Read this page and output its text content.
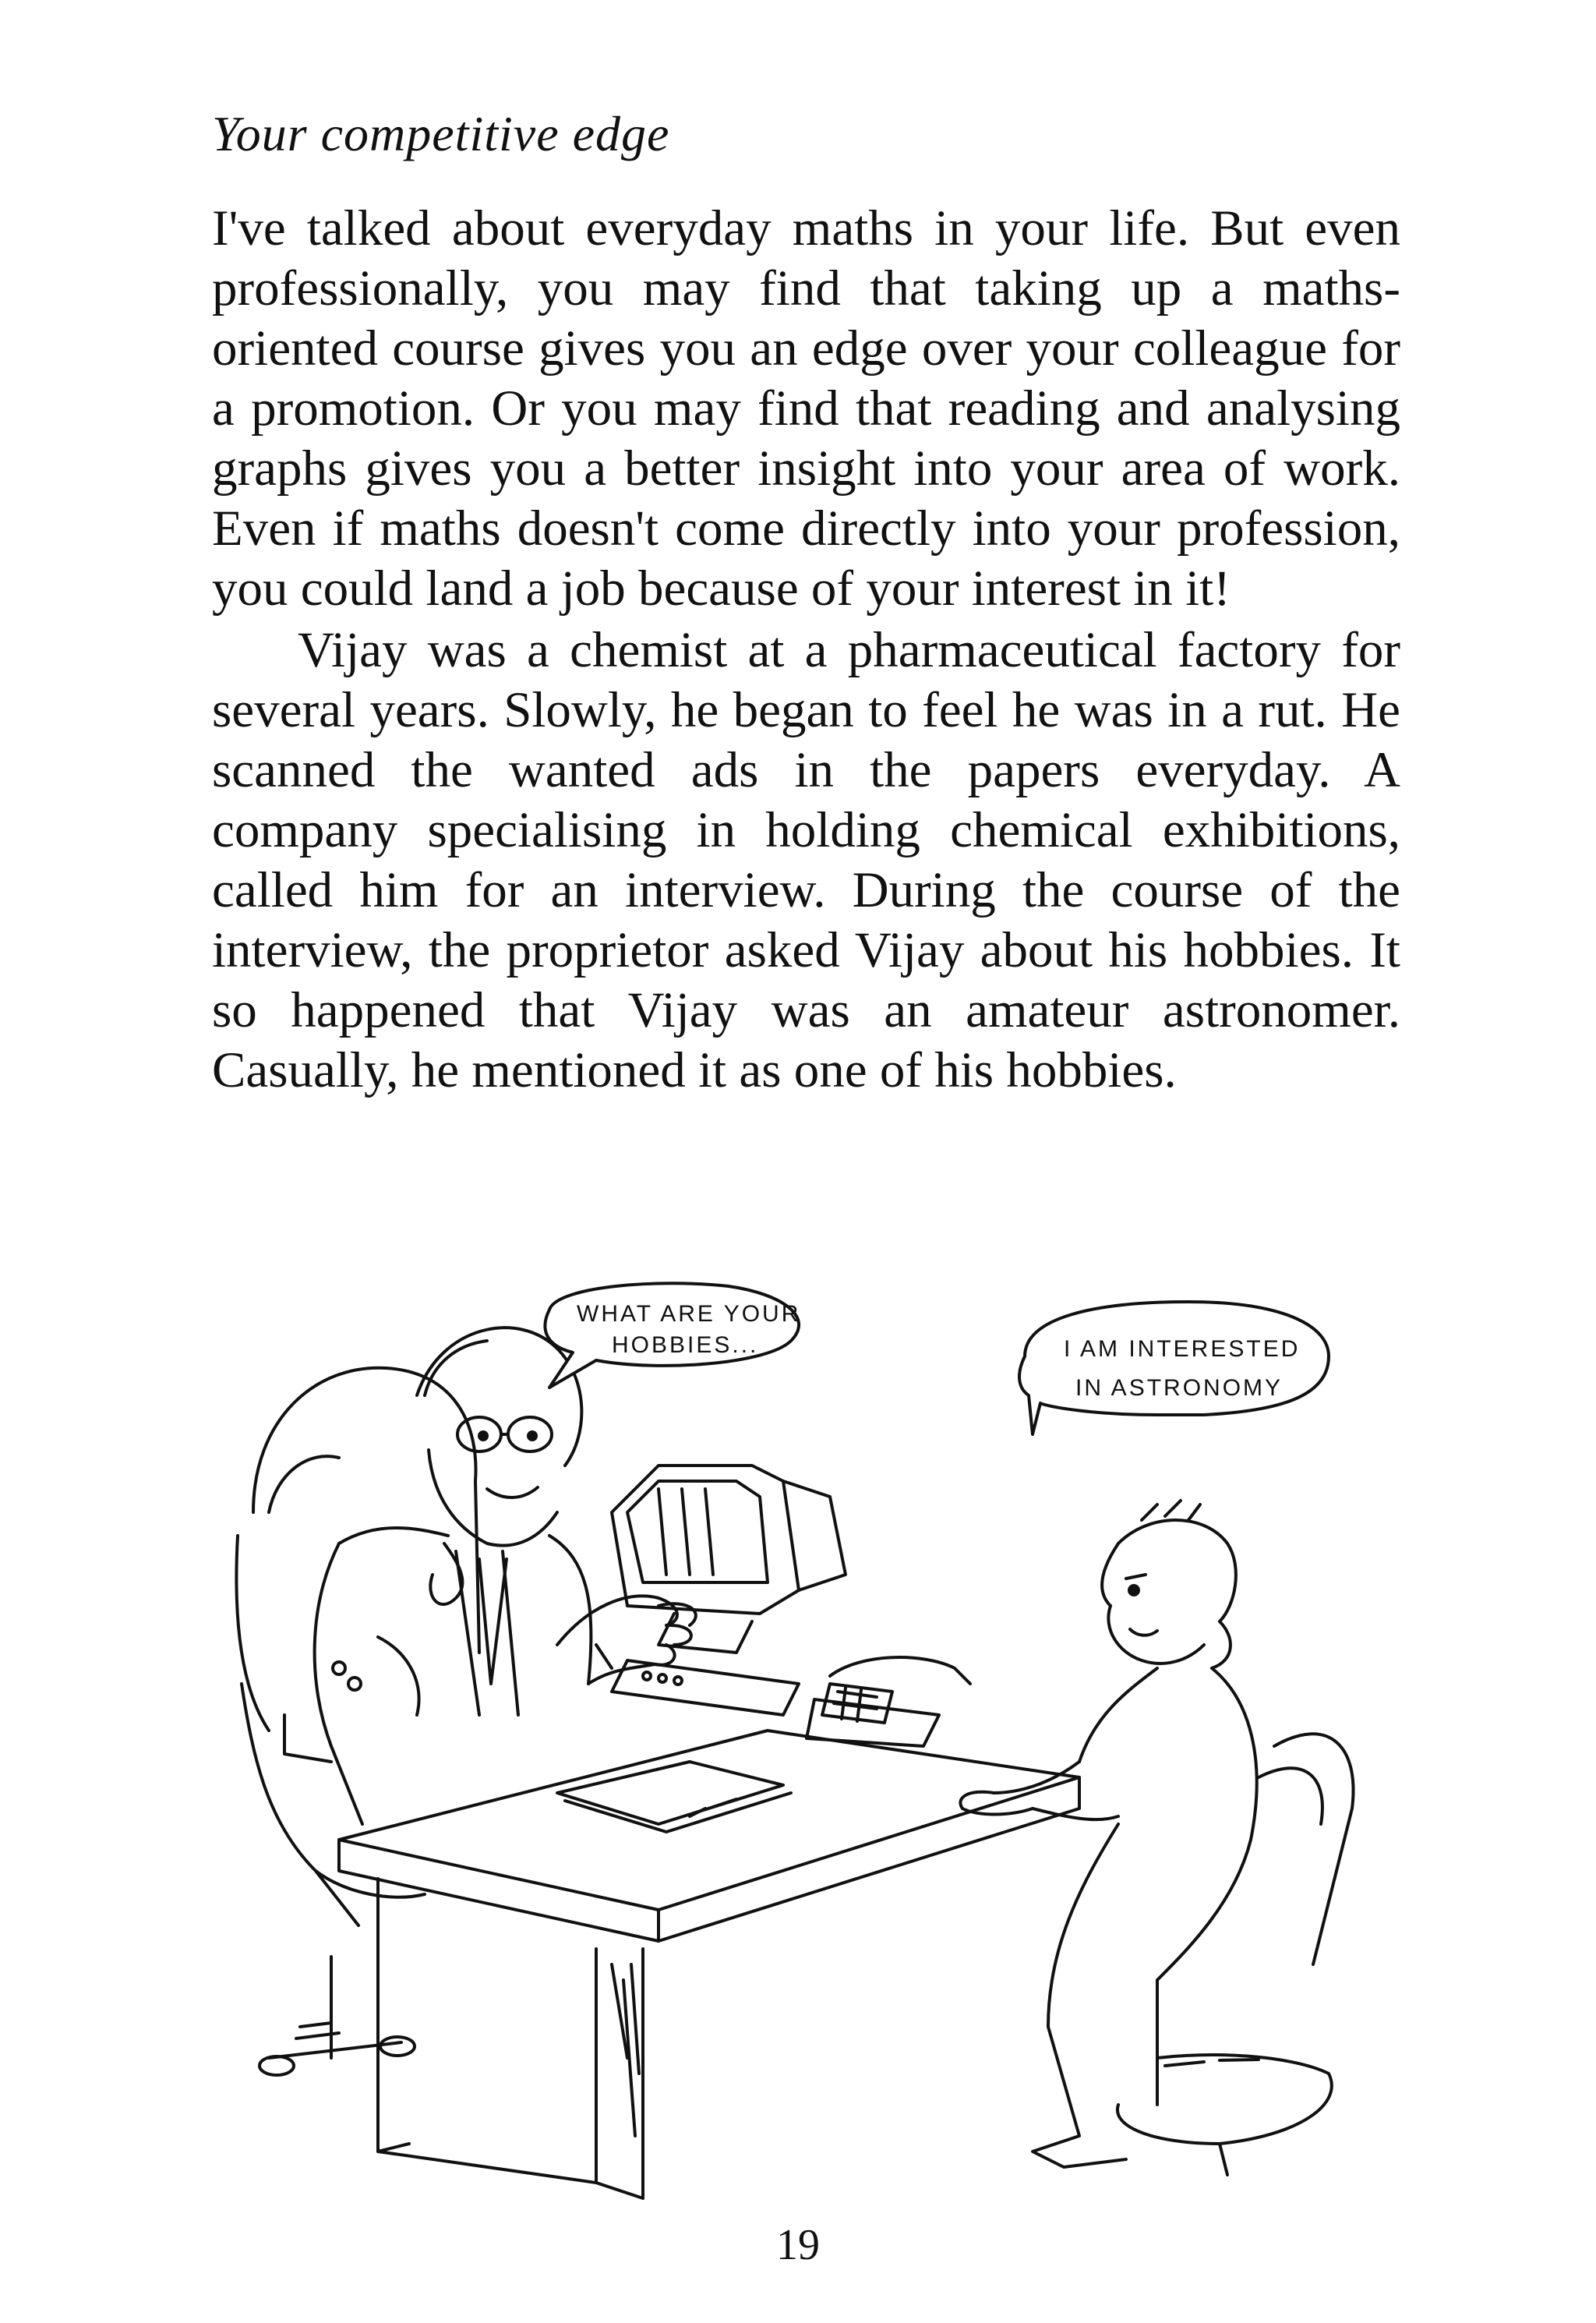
Your competitive edge

I've talked about everyday maths in your life. But even professionally, you may find that taking up a maths-oriented course gives you an edge over your colleague for a promotion. Or you may find that reading and analysing graphs gives you a better insight into your area of work. Even if maths doesn't come directly into your profession, you could land a job because of your interest in it!

Vijay was a chemist at a pharmaceutical factory for several years. Slowly, he began to feel he was in a rut. He scanned the wanted ads in the papers everyday. A company specialising in holding chemical exhibitions, called him for an interview. During the course of the interview, the proprietor asked Vijay about his hobbies. It so happened that Vijay was an amateur astronomer. Casually, he mentioned it as one of his hobbies.

WHAT ARE YOUR
HOBBIES...	I AM INTERESTED
IN ASTRONOMY
19
